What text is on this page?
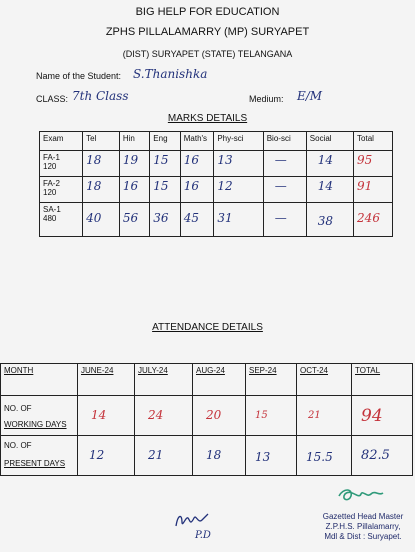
BIG HELP FOR EDUCATION
ZPHS PILLALAMARRY (MP) SURYAPET
(DIST) SURYAPET (STATE) TELANGANA
Name of the Student: S.Thanishka
CLASS: 7th Class	Medium: E/M
MARKS DETAILS
Exam	Tel	Hin	Eng	Math's	Phy-sci	Bio-sci	Social	Total

FA-1
120	18	19	15	16	13	—	14	95

FA-2
120	18	16	15	16	12	—	14	91

SA-1
480	40	56	36	45	31	—	38	246
ATTENDANCE DETAILS
MONTH	JUNE-24	JULY-24	AUG-24	SEP-24	OCT-24	TOTAL

NO. OF
WORKING DAYS	14	24	20	15	21	94

NO. OF
PRESENT DAYS	12	21	18	13	15.5	82.5
Gazetted Head Master
Z.P.H.S. Pillalamarry,
Mdl & Dist : Suryapet.
P.D
